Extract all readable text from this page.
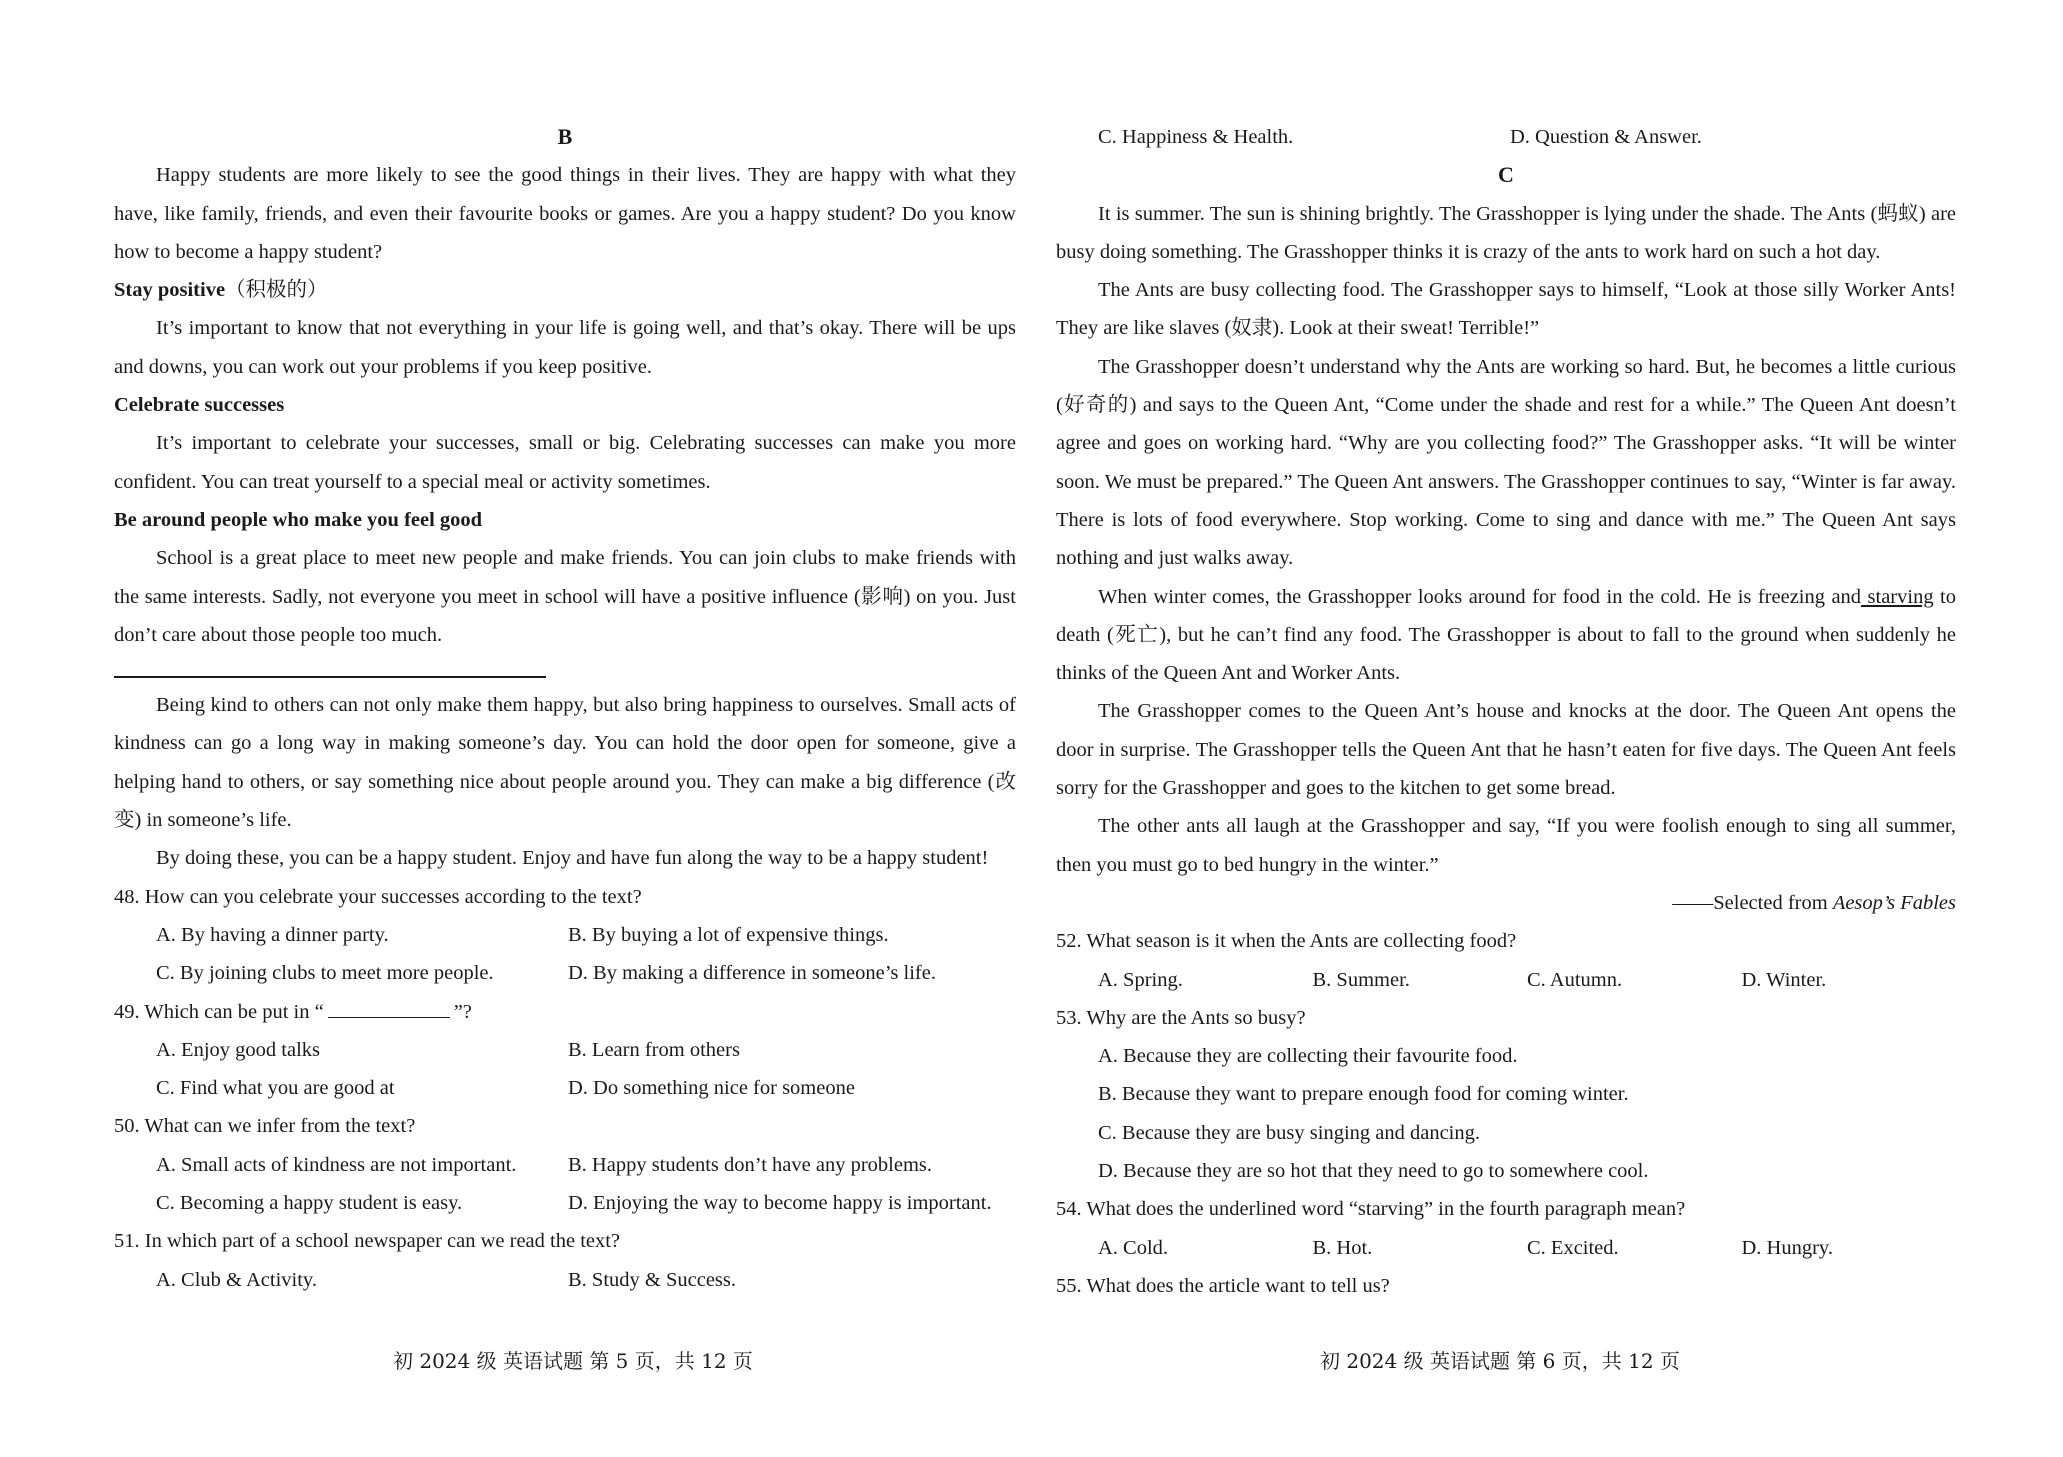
B

Happy students are more likely to see the good things in their lives. They are happy with what they have, like family, friends, and even their favourite books or games. Are you a happy student? Do you know how to become a happy student?

Stay positive（积极的）

It’s important to know that not everything in your life is going well, and that’s okay. There will be ups and downs, you can work out your problems if you keep positive.

Celebrate successes

It’s important to celebrate your successes, small or big. Celebrating successes can make you more confident. You can treat yourself to a special meal or activity sometimes.

Be around people who make you feel good

School is a great place to meet new people and make friends. You can join clubs to make friends with the same interests. Sadly, not everyone you meet in school will have a positive influence (影响) on you. Just don’t care about those people too much.

Being kind to others can not only make them happy, but also bring happiness to ourselves. Small acts of kindness can go a long way in making someone’s day. You can hold the door open for someone, give a helping hand to others, or say something nice about people around you. They can make a big difference (改变) in someone’s life.

By doing these, you can be a happy student. Enjoy and have fun along the way to be a happy student!

48. How can you celebrate your successes according to the text?

A. By having a dinner party.	B. By buying a lot of expensive things.
C. By joining clubs to meet more people.	D. By making a difference in someone’s life.

49. Which can be put in “	”?

A. Enjoy good talks	B. Learn from others
C. Find what you are good at	D. Do something nice for someone

50. What can we infer from the text?

A. Small acts of kindness are not important.	B. Happy students don’t have any problems.
C. Becoming a happy student is easy.	D. Enjoying the way to become happy is important.

51. In which part of a school newspaper can we read the text?

A. Club & Activity.	B. Study & Success.
C. Happiness & Health.	D. Question & Answer.
C

It is summer. The sun is shining brightly. The Grasshopper is lying under the shade. The Ants (蚂蚁) are busy doing something. The Grasshopper thinks it is crazy of the ants to work hard on such a hot day.

The Ants are busy collecting food. The Grasshopper says to himself, “Look at those silly Worker Ants! They are like slaves (奴隶). Look at their sweat! Terrible!”

The Grasshopper doesn’t understand why the Ants are working so hard. But, he becomes a little curious (好奇的) and says to the Queen Ant, “Come under the shade and rest for a while.” The Queen Ant doesn’t agree and goes on working hard. “Why are you collecting food?” The Grasshopper asks. “It will be winter soon. We must be prepared.” The Queen Ant answers. The Grasshopper continues to say, “Winter is far away. There is lots of food everywhere. Stop working. Come to sing and dance with me.” The Queen Ant says nothing and just walks away.

When winter comes, the Grasshopper looks around for food in the cold. He is freezing and starving to death (死亡), but he can’t find any food. The Grasshopper is about to fall to the ground when suddenly he thinks of the Queen Ant and Worker Ants.

The Grasshopper comes to the Queen Ant’s house and knocks at the door. The Queen Ant opens the door in surprise. The Grasshopper tells the Queen Ant that he hasn’t eaten for five days. The Queen Ant feels sorry for the Grasshopper and goes to the kitchen to get some bread.

The other ants all laugh at the Grasshopper and say, “If you were foolish enough to sing all summer, then you must go to bed hungry in the winter.”

——Selected from Aesop’s Fables

52. What season is it when the Ants are collecting food?

A. Spring.	B. Summer.	C. Autumn.	D. Winter.

53. Why are the Ants so busy?

A. Because they are collecting their favourite food.

B. Because they want to prepare enough food for coming winter.

C. Because they are busy singing and dancing.

D. Because they are so hot that they need to go to somewhere cool.

54. What does the underlined word “starving” in the fourth paragraph mean?

A. Cold.	B. Hot.	C. Excited.	D. Hungry.

55. What does the article want to tell us?

初 2024 级 英语试题 第 5 页，共 12 页	初 2024 级 英语试题 第 6 页，共 12 页
